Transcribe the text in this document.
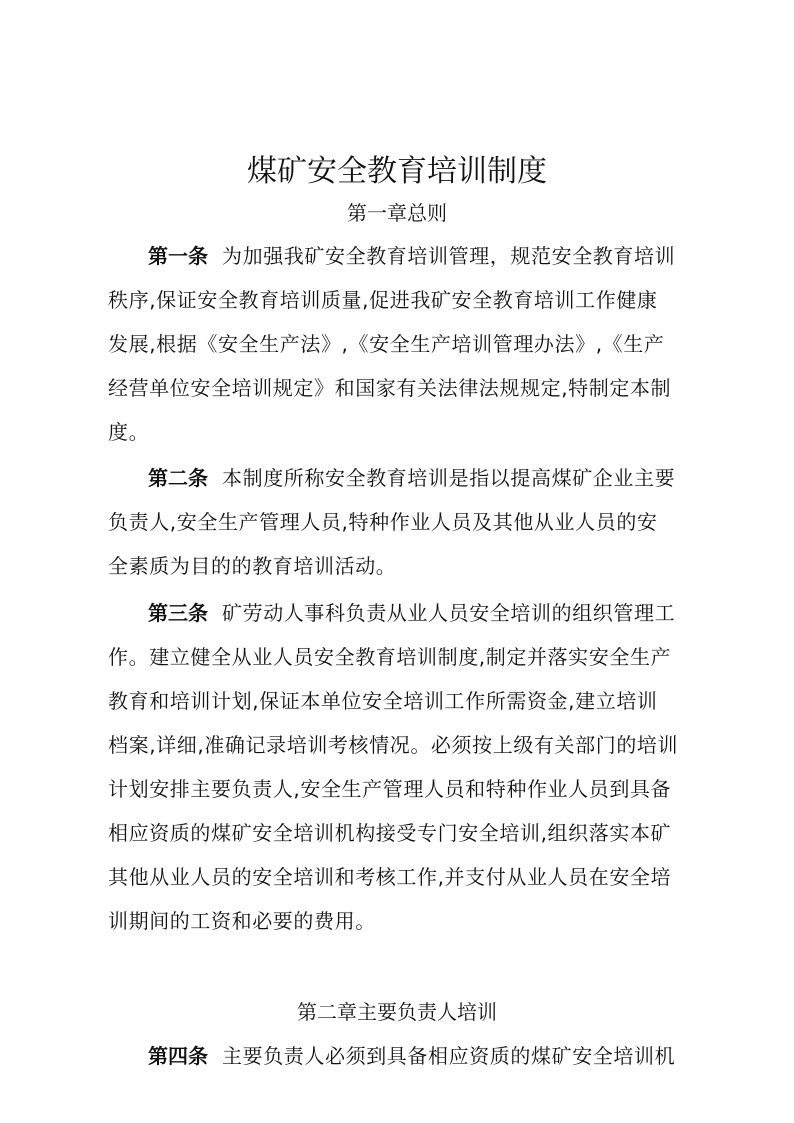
煤矿安全教育培训制度
第一章总则
第一条 为加强我矿安全教育培训管理，规范安全教育培训
秩序,保证安全教育培训质量,促进我矿安全教育培训工作健康
发展,根据《安全生产法》,《安全生产培训管理办法》,《生产
经营单位安全培训规定》和国家有关法律法规规定,特制定本制
度。
第二条 本制度所称安全教育培训是指以提高煤矿企业主要
负责人,安全生产管理人员,特种作业人员及其他从业人员的安
全素质为目的的教育培训活动。
第三条 矿劳动人事科负责从业人员安全培训的组织管理工
作。建立健全从业人员安全教育培训制度,制定并落实安全生产
教育和培训计划,保证本单位安全培训工作所需资金,建立培训
档案,详细,准确记录培训考核情况。必须按上级有关部门的培训
计划安排主要负责人,安全生产管理人员和特种作业人员到具备
相应资质的煤矿安全培训机构接受专门安全培训,组织落实本矿
其他从业人员的安全培训和考核工作,并支付从业人员在安全培
训期间的工资和必要的费用。
第二章主要负责人培训
第四条 主要负责人必须到具备相应资质的煤矿安全培训机
